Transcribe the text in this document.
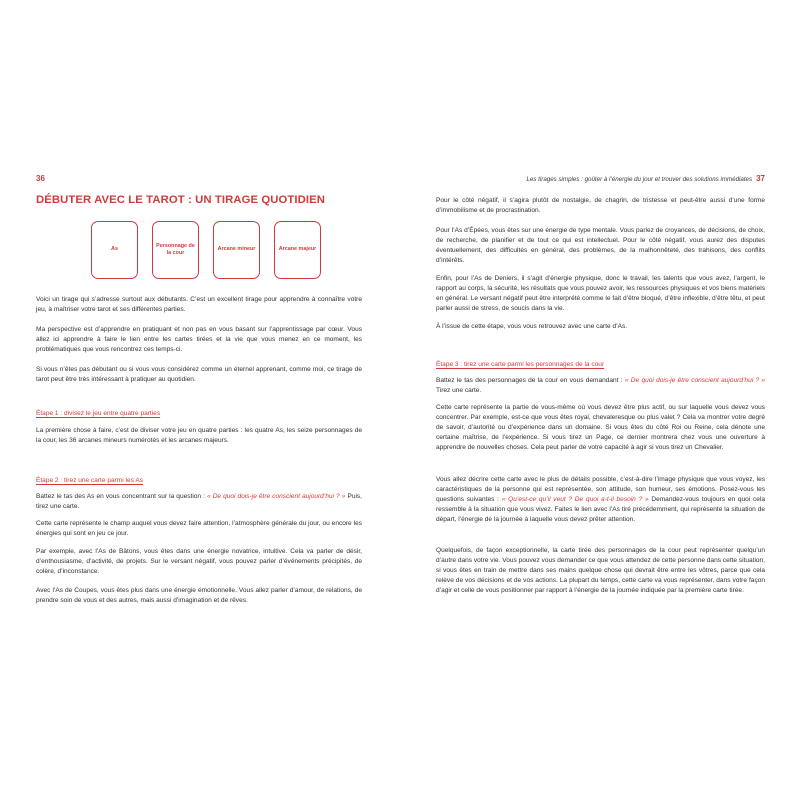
36
DÉBUTER AVEC LE TAROT : UN TIRAGE QUOTIDIEN
As
Personnage de la cour
Arcane mineur	Arcane majeur
Voici un tirage qui s’adresse surtout aux débutants. C’est un excellent tirage pour apprendre à connaître votre jeu, à maîtriser votre tarot et ses différentes parties.
Ma perspective est d’apprendre en pratiquant et non pas en vous basant sur l’apprentissage par cœur. Vous allez ici apprendre à faire le lien entre les cartes tirées et la vie que vous menez en ce moment, les problématiques que vous rencontrez ces temps-ci.
Si vous n’êtes pas débutant ou si vous vous considérez comme un éternel apprenant, comme moi, ce tirage de tarot peut être très intéressant à pratiquer au quotidien.
Étape 1 : divisez le jeu entre quatre parties
La première chose à faire, c’est de diviser votre jeu en quatre parties : les quatre As, les seize personnages de la cour, les 36 arcanes mineurs numérotés et les arcanes majeurs.
Étape 2 : tirez une carte parmi les As
Battez le tas des As en vous concentrant sur la question : « De quoi dois-je être conscient aujourd’hui ? » Puis, tirez une carte.
Cette carte représente le champ auquel vous devez faire attention, l’atmosphère générale du jour, ou encore les énergies qui sont en jeu ce jour.
Par exemple, avec l’As de Bâtons, vous êtes dans une énergie novatrice, intuitive. Cela va parler de désir, d’enthousiasme, d’activité, de projets. Sur le versant négatif, vous pouvez parler d’événements précipités, de colère, d’inconstance.
Avec l’As de Coupes, vous êtes plus dans une énergie émotionnelle. Vous allez parler d’amour, de relations, de prendre soin de vous et des autres, mais aussi d’imagination et de rêves.
Les tirages simples : goûter à l’énergie du jour et trouver des solutions immédiates 37
Pour le côté négatif, il s’agira plutôt de nostalgie, de chagrin, de tristesse et peut-être aussi d’une forme d’immobilisme et de procrastination.
Pour l’As d’Épées, vous êtes sur une énergie de type mentale. Vous parlez de croyances, de décisions, de choix, de recherche, de planifier et de tout ce qui est intellectuel. Pour le côté négatif, vous aurez des disputes éventuellement, des difficultés en général, des problèmes, de la malhonnêteté, des trahisons, des conflits d’intérêts.
Enfin, pour l’As de Deniers, il s’agit d’énergie physique, donc le travail, les talents que vous avez, l’argent, le rapport au corps, la sécurité, les résultats que vous pouvez avoir, les ressources physiques et vos biens matériels en général. Le versant négatif peut être interprété comme le fait d’être bloqué, d’être inflexible, d’être têtu, et peut parler aussi de stress, de soucis dans la vie.
À l’issue de cette étape, vous vous retrouvez avec une carte d’As.
Étape 3 : tirez une carte parmi les personnages de la cour
Battez le tas des personnages de la cour en vous demandant : « De quoi dois-je être conscient aujourd’hui ? » Tirez une carte.
Cette carte représente la partie de vous-même où vous devez être plus actif, ou sur laquelle vous devez vous concentrer. Par exemple, est-ce que vous êtes royal, chevaleresque ou plus valet ? Cela va montrer votre degré de savoir, d’autorité ou d’expérience dans un domaine. Si vous êtes du côté Roi ou Reine, cela dénote une certaine maîtrise, de l’expérience. Si vous tirez un Page, ce dernier montrera chez vous une ouverture à apprendre de nouvelles choses. Cela peut parler de votre capacité à agir si vous tirez un Chevalier.
Vous allez décrire cette carte avec le plus de détails possible, c’est-à-dire l’image physique que vous voyez, les caractéristiques de la personne qui est représentée, son attitude, son humeur, ses émotions. Posez-vous les questions suivantes : « Qu’est-ce qu’il veut ? De quoi a-t-il besoin ? » Demandez-vous toujours en quoi cela ressemble à la situation que vous vivez. Faites le lien avec l’As tiré précédemment, qui représente la situation de départ, l’énergie de la journée à laquelle vous devez prêter attention.
Quelquefois, de façon exceptionnelle, la carte tirée des personnages de la cour peut représenter quelqu’un d’autre dans votre vie. Vous pouvez vous demander ce que vous attendez de cette personne dans cette situation, si vous êtes en train de mettre dans ses mains quelque chose qui devrait être entre les vôtres, parce que cela relève de vos décisions et de vos actions. La plupart du temps, cette carte va vous représenter, dans votre façon d’agir et celle de vous positionner par rapport à l’énergie de la journée indiquée par la première carte tirée.
